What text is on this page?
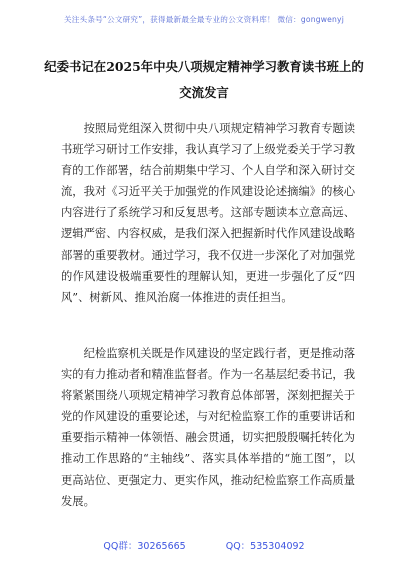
关注头条号“公文研究”，获得最新最全最专业的公文资料库！ 微信：gongwenyj
纪委书记在2025年中央八项规定精神学习教育读书班上的交流发言

按照局党组深入贯彻中央八项规定精神学习教育专题读书班学习研讨工作安排，我认真学习了上级党委关于学习教育的工作部署，结合前期集中学习、个人自学和深入研讨交流，我对《习近平关于加强党的作风建设论述摘编》的核心内容进行了系统学习和反复思考。这部专题读本立意高远、逻辑严密、内容权威，是我们深入把握新时代作风建设战略部署的重要教材。通过学习，我不仅进一步深化了对加强党的作风建设极端重要性的理解认知，更进一步强化了反“四风”、树新风、推风治腐一体推进的责任担当。

纪检监察机关既是作风建设的坚定践行者，更是推动落实的有力推动者和精准监督者。作为一名基层纪委书记，我将紧紧围绕八项规定精神学习教育总体部署，深刻把握关于党的作风建设的重要论述，与对纪检监察工作的重要讲话和重要指示精神一体领悟、融会贯通，切实把殷殷嘱托转化为推动工作思路的“主轴线”、落实具体举措的“施工图”，以更高站位、更强定力、更实作风，推动纪检监察工作高质量发展。

QQ群：30265665	QQ：535304092
